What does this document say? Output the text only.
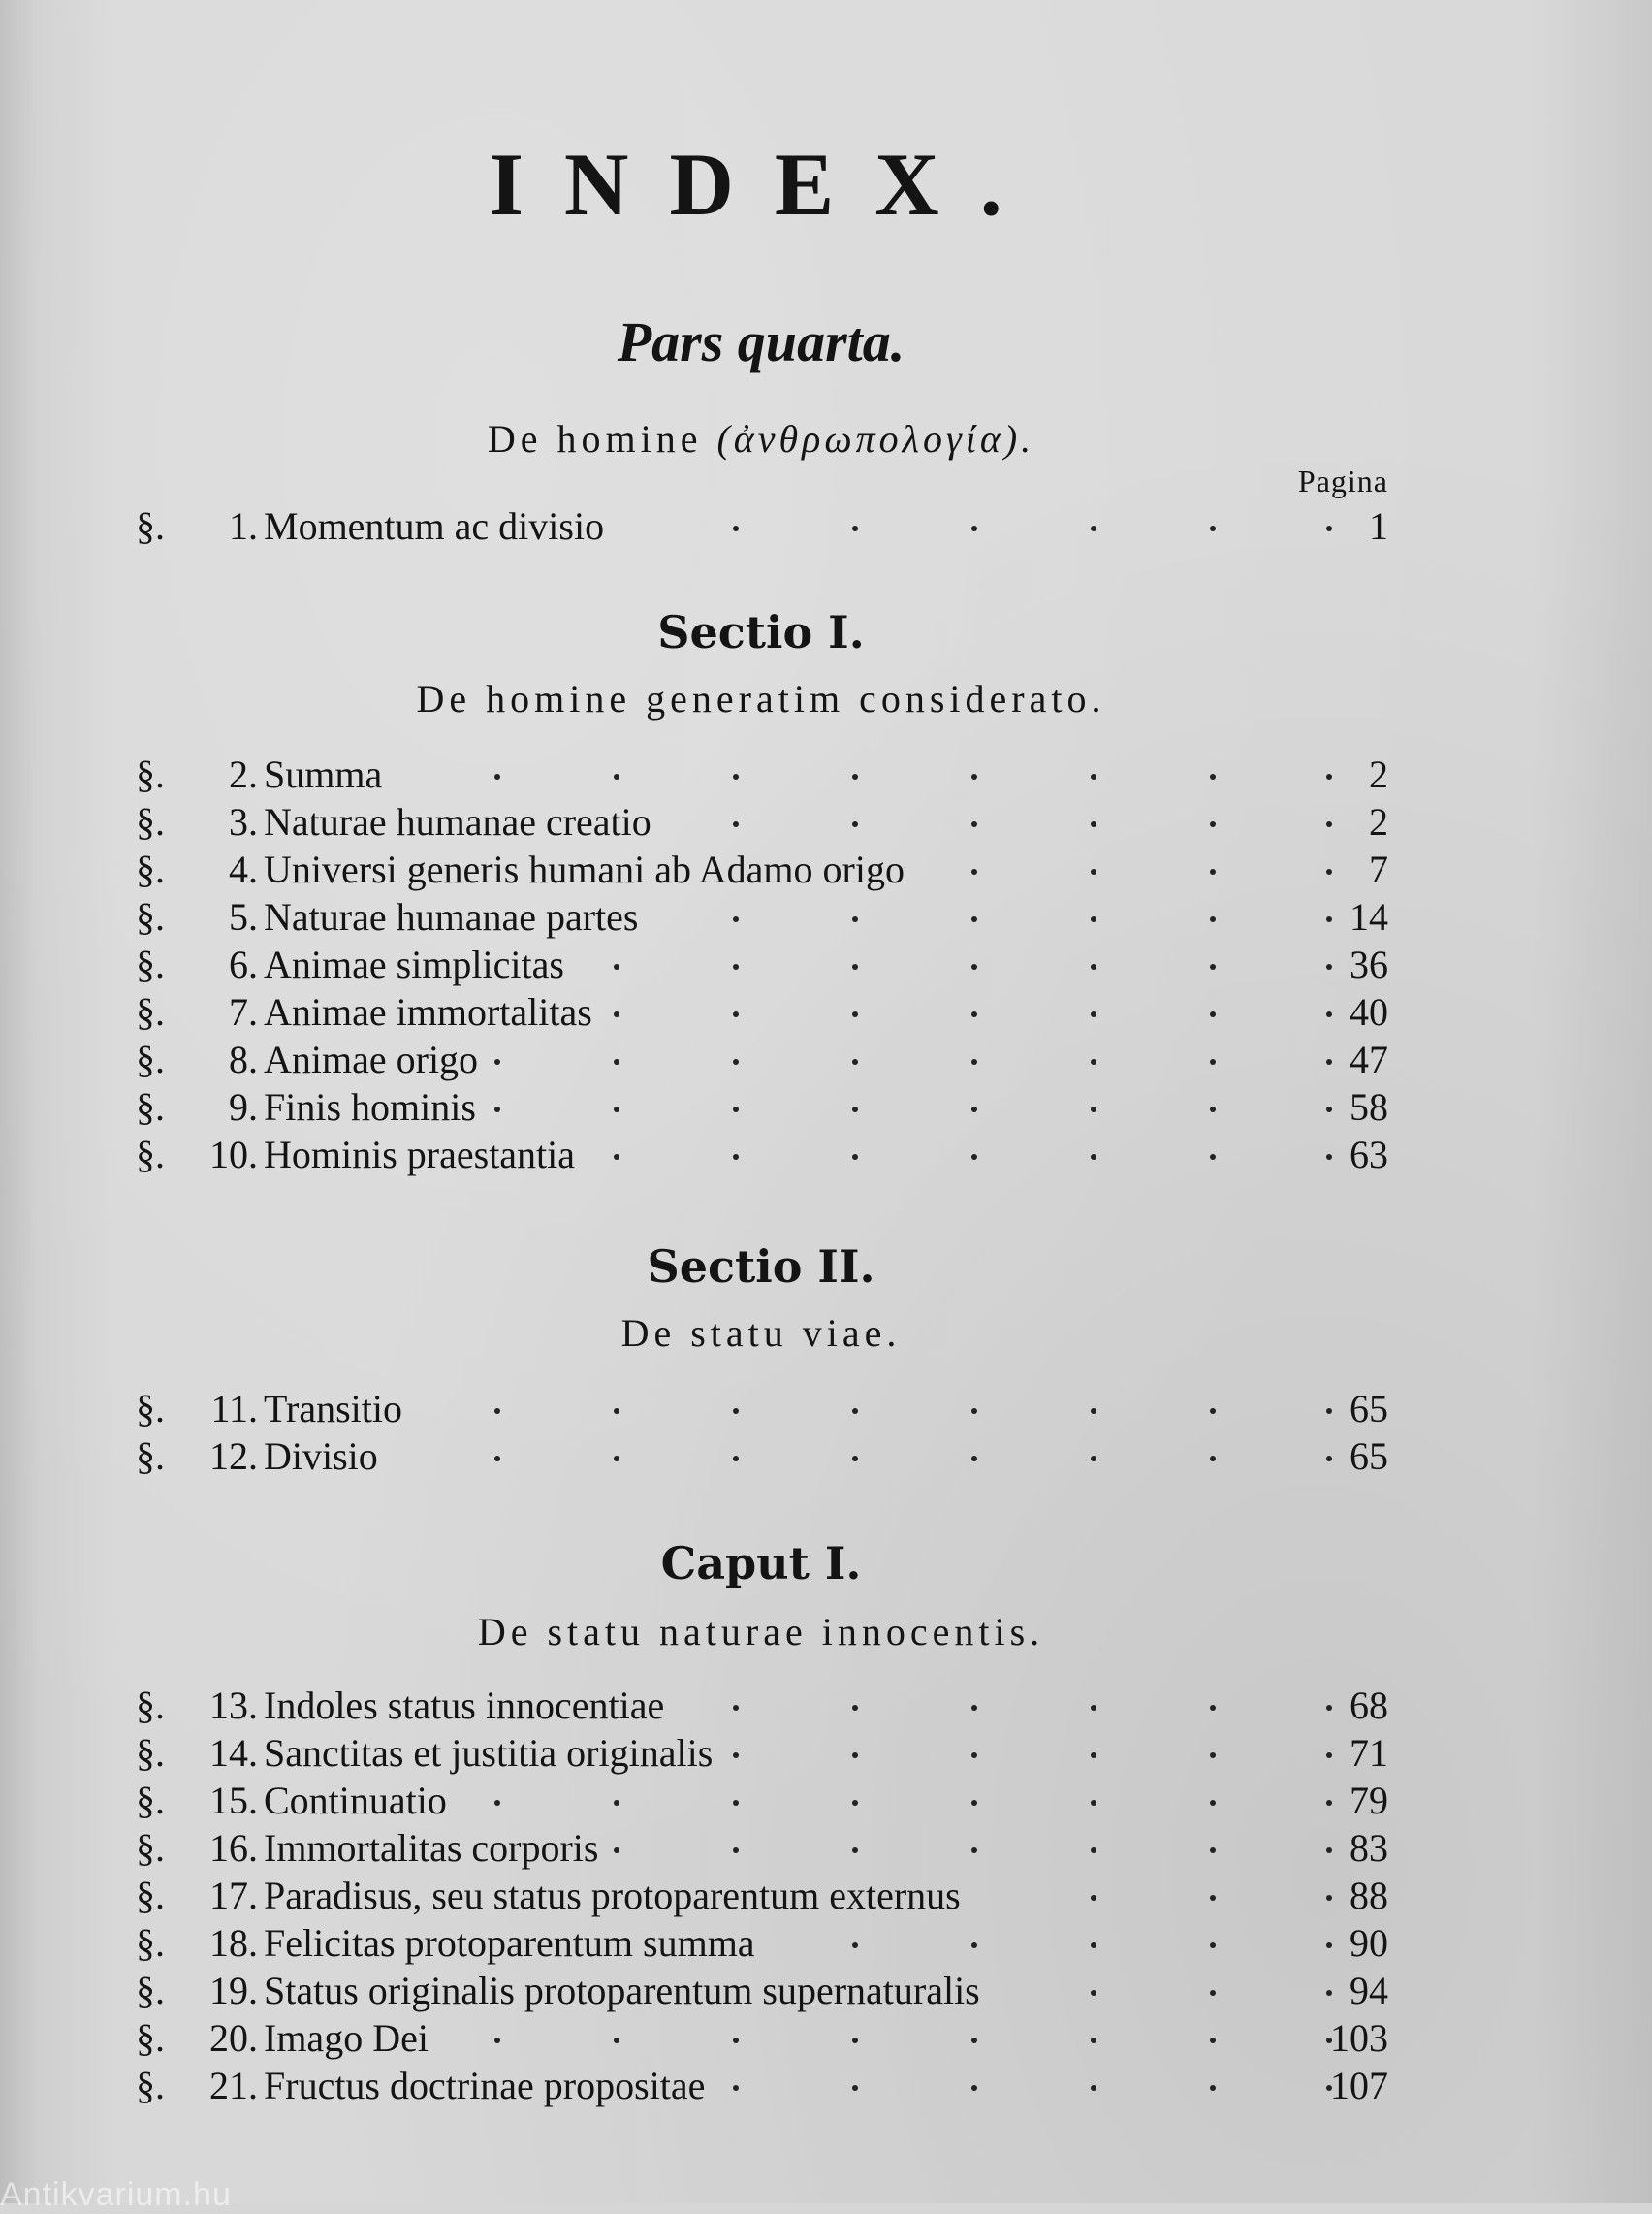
INDEX.
Pars quarta.
De homine (ἀνθρωπολογία).
Pagina
§.	1. Momentum ac divisio	1
Sectio I.
De homine generatim considerato.
§.	2. Summa	2
§.	3. Naturae humanae creatio	2
§.	4. Universi generis humani ab Adamo origo	7
§.	5. Naturae humanae partes	14
§.	6. Animae simplicitas	36
§.	7. Animae immortalitas	40
§.	8. Animae origo	47
§.	9. Finis hominis	58
§.	10. Hominis praestantia	63
Sectio II.
De statu viae.
§.	11. Transitio	65
§.	12. Divisio	65
Caput I.
De statu naturae innocentis.
§.	13. Indoles status innocentiae	68
§.	14. Sanctitas et justitia originalis	71
§.	15. Continuatio	79
§.	16. Immortalitas corporis	83
§.	17. Paradisus, seu status protoparentum externus	88
§.	18. Felicitas protoparentum summa	90
§.	19. Status originalis protoparentum supernaturalis	94
§.	20. Imago Dei	103
§.	21. Fructus doctrinae propositae	107
Antikvarium.hu
